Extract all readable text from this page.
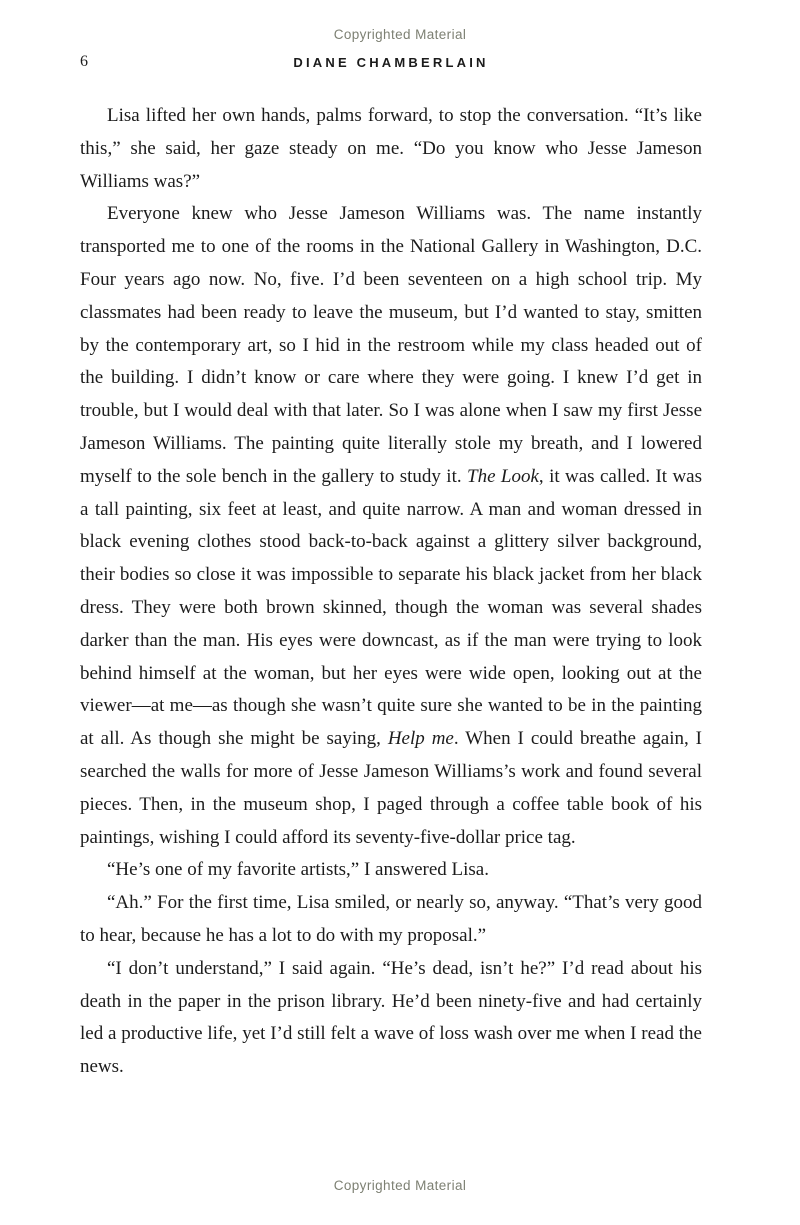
Copyrighted Material
6	DIANE CHAMBERLAIN

Lisa lifted her own hands, palms forward, to stop the conversation. “It’s like this,” she said, her gaze steady on me. “Do you know who Jesse Jameson Williams was?”

Everyone knew who Jesse Jameson Williams was. The name instantly transported me to one of the rooms in the National Gallery in Washington, D.C. Four years ago now. No, five. I’d been seventeen on a high school trip. My classmates had been ready to leave the museum, but I’d wanted to stay, smitten by the contemporary art, so I hid in the restroom while my class headed out of the building. I didn’t know or care where they were going. I knew I’d get in trouble, but I would deal with that later. So I was alone when I saw my first Jesse Jameson Williams. The painting quite literally stole my breath, and I lowered myself to the sole bench in the gallery to study it. The Look, it was called. It was a tall painting, six feet at least, and quite narrow. A man and woman dressed in black evening clothes stood back-to-back against a glittery silver background, their bodies so close it was impossible to separate his black jacket from her black dress. They were both brown skinned, though the woman was several shades darker than the man. His eyes were downcast, as if the man were trying to look behind himself at the woman, but her eyes were wide open, looking out at the viewer—at me—as though she wasn’t quite sure she wanted to be in the painting at all. As though she might be saying, Help me. When I could breathe again, I searched the walls for more of Jesse Jameson Williams’s work and found several pieces. Then, in the museum shop, I paged through a coffee table book of his paintings, wishing I could afford its seventy-five-dollar price tag.

“He’s one of my favorite artists,” I answered Lisa.

“Ah.” For the first time, Lisa smiled, or nearly so, anyway. “That’s very good to hear, because he has a lot to do with my proposal.”

“I don’t understand,” I said again. “He’s dead, isn’t he?” I’d read about his death in the paper in the prison library. He’d been ninety-five and had certainly led a productive life, yet I’d still felt a wave of loss wash over me when I read the news.

Copyrighted Material
